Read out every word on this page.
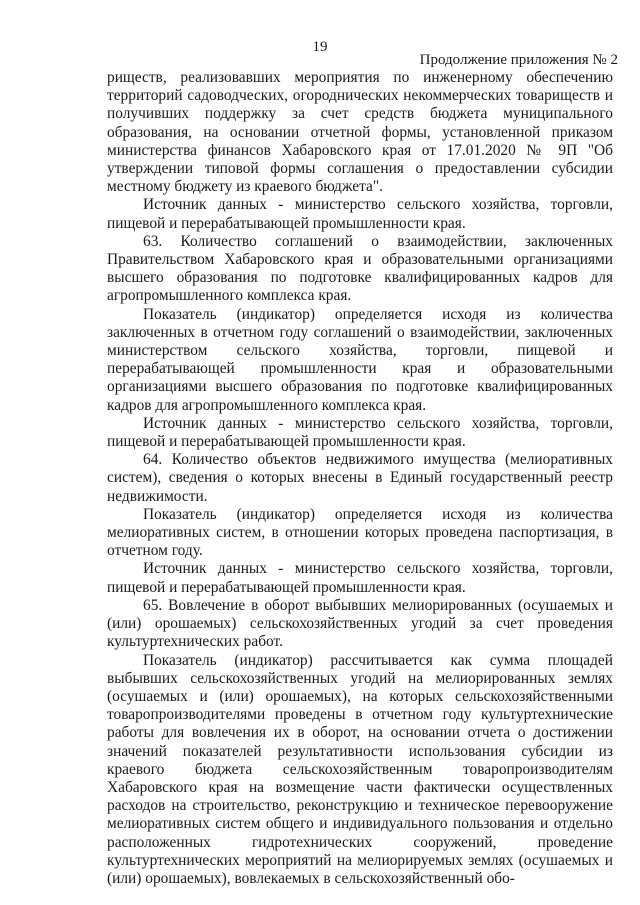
19
Продолжение приложения № 2

риществ, реализовавших мероприятия по инженерному обеспечению территорий садоводческих, огороднических некоммерческих товариществ и получивших поддержку за счет средств бюджета муниципального образования, на основании отчетной формы, установленной приказом министерства финансов Хабаровского края от 17.01.2020 № 9П "Об утверждении типовой формы соглашения о предоставлении субсидии местному бюджету из краевого бюджета".

Источник данных - министерство сельского хозяйства, торговли, пищевой и перерабатывающей промышленности края.

63. Количество соглашений о взаимодействии, заключенных Правительством Хабаровского края и образовательными организациями высшего образования по подготовке квалифицированных кадров для агропромышленного комплекса края.

Показатель (индикатор) определяется исходя из количества заключенных в отчетном году соглашений о взаимодействии, заключенных министерством сельского хозяйства, торговли, пищевой и перерабатывающей промышленности края и образовательными организациями высшего образования по подготовке квалифицированных кадров для агропромышленного комплекса края.

Источник данных - министерство сельского хозяйства, торговли, пищевой и перерабатывающей промышленности края.

64. Количество объектов недвижимого имущества (мелиоративных систем), сведения о которых внесены в Единый государственный реестр недвижимости.

Показатель (индикатор) определяется исходя из количества мелиоративных систем, в отношении которых проведена паспортизация, в отчетном году.

Источник данных - министерство сельского хозяйства, торговли, пищевой и перерабатывающей промышленности края.

65. Вовлечение в оборот выбывших мелиорированных (осушаемых и (или) орошаемых) сельскохозяйственных угодий за счет проведения культуртехнических работ.

Показатель (индикатор) рассчитывается как сумма площадей выбывших сельскохозяйственных угодий на мелиорированных землях (осушаемых и (или) орошаемых), на которых сельскохозяйственными товаропроизводителями проведены в отчетном году культуртехнические работы для вовлечения их в оборот, на основании отчета о достижении значений показателей результативности использования субсидии из краевого бюджета сельскохозяйственным товаропроизводителям Хабаровского края на возмещение части фактически осуществленных расходов на строительство, реконструкцию и техническое перевооружение мелиоративных систем общего и индивидуального пользования и отдельно расположенных гидротехнических сооружений, проведение культуртехнических мероприятий на мелиорируемых землях (осушаемых и (или) орошаемых), вовлекаемых в сельскохозяйственный обо-
